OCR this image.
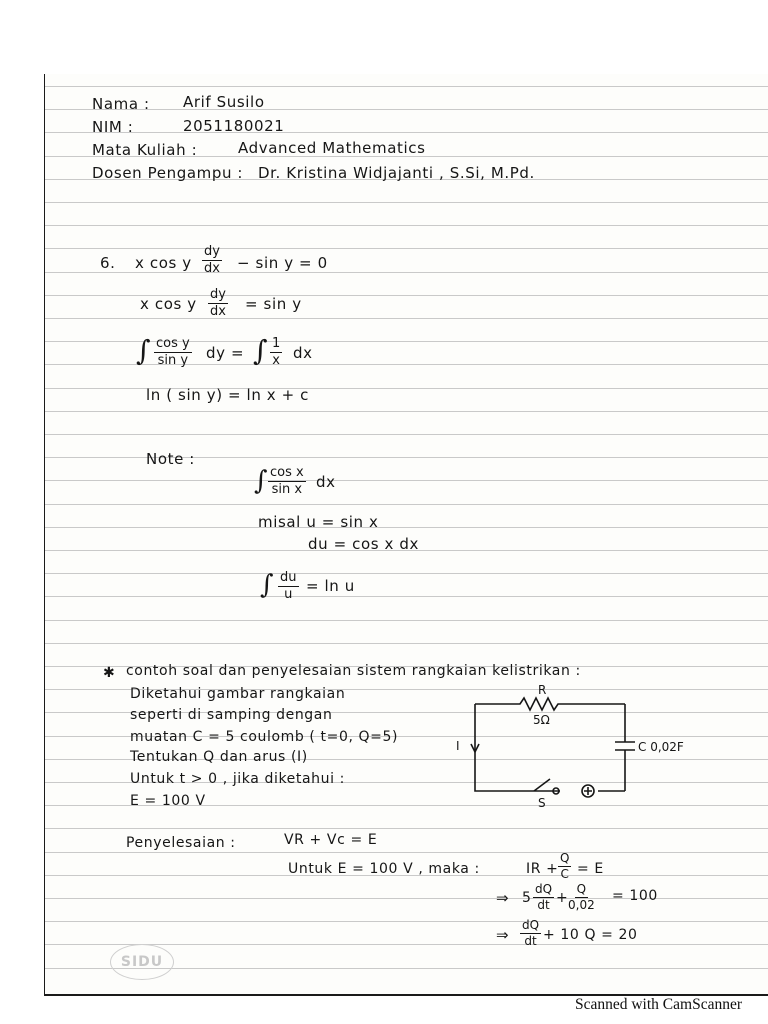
Nama : Arif Susilo
NIM :	2051180021
Mata Kuliah :	Advanced Mathematics
Dosen Pengampu : Dr. Kristina Widjajanti , S.Si, M.Pd.
6. x cos y $\frac{dy}{dx} - \sin y = 0$
x cos y $\frac{dy}{dx} = \sin y$
∫ $\frac{\text{cos y}}{\text{sin y}}$ dy = ∫ $\frac{1}{x}$ dx
ln ( sin y) = ln x + c
Note :
∫ $\frac{\text{cos x}}{\text{sin x}}$ dx
misal u = sin x
du = cos x dx
∫ $\frac{du}{u} = \ln u$
✱ contoh soal dan penyelesaian sistem rangkaian kelistrikan :
Diketahui gambar rangkaian
seperti di samping dengan
muatan C = 5 coulomb ( t=0, Q=5)
Tentukan Q dan arus (I)
Untuk t > 0 , jika diketahui :
E = 100 V
R
5Ω
C 0,02F
I
S
Penyelesaian :	VR + Vc = E
Untuk E = 100 V , maka :	IR + $\frac{Q}{C} = E$
⇒ $5 \frac{dQ}{dt} + \frac{Q}{0,02} = 100$
⇒ $\frac{dQ}{dt} + 10$ Q = 20
SIDU
Scanned with CamScanner
